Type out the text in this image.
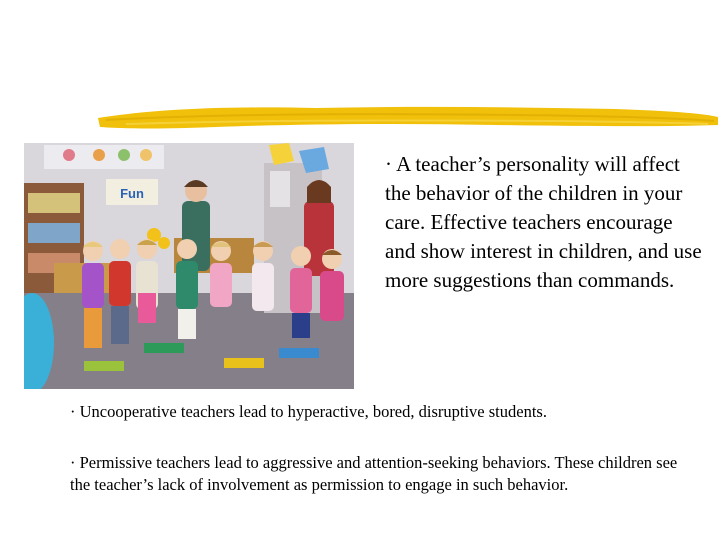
Fun

· A teacher’s personality will affect the behavior of the children in your care. Effective teachers encourage and show interest in children, and use more suggestions than commands.

· Uncooperative teachers lead to hyperactive, bored, disruptive students.

· Permissive teachers lead to aggressive and attention-seeking behaviors. These children see the teacher’s lack of involvement as permission to engage in such behavior.
